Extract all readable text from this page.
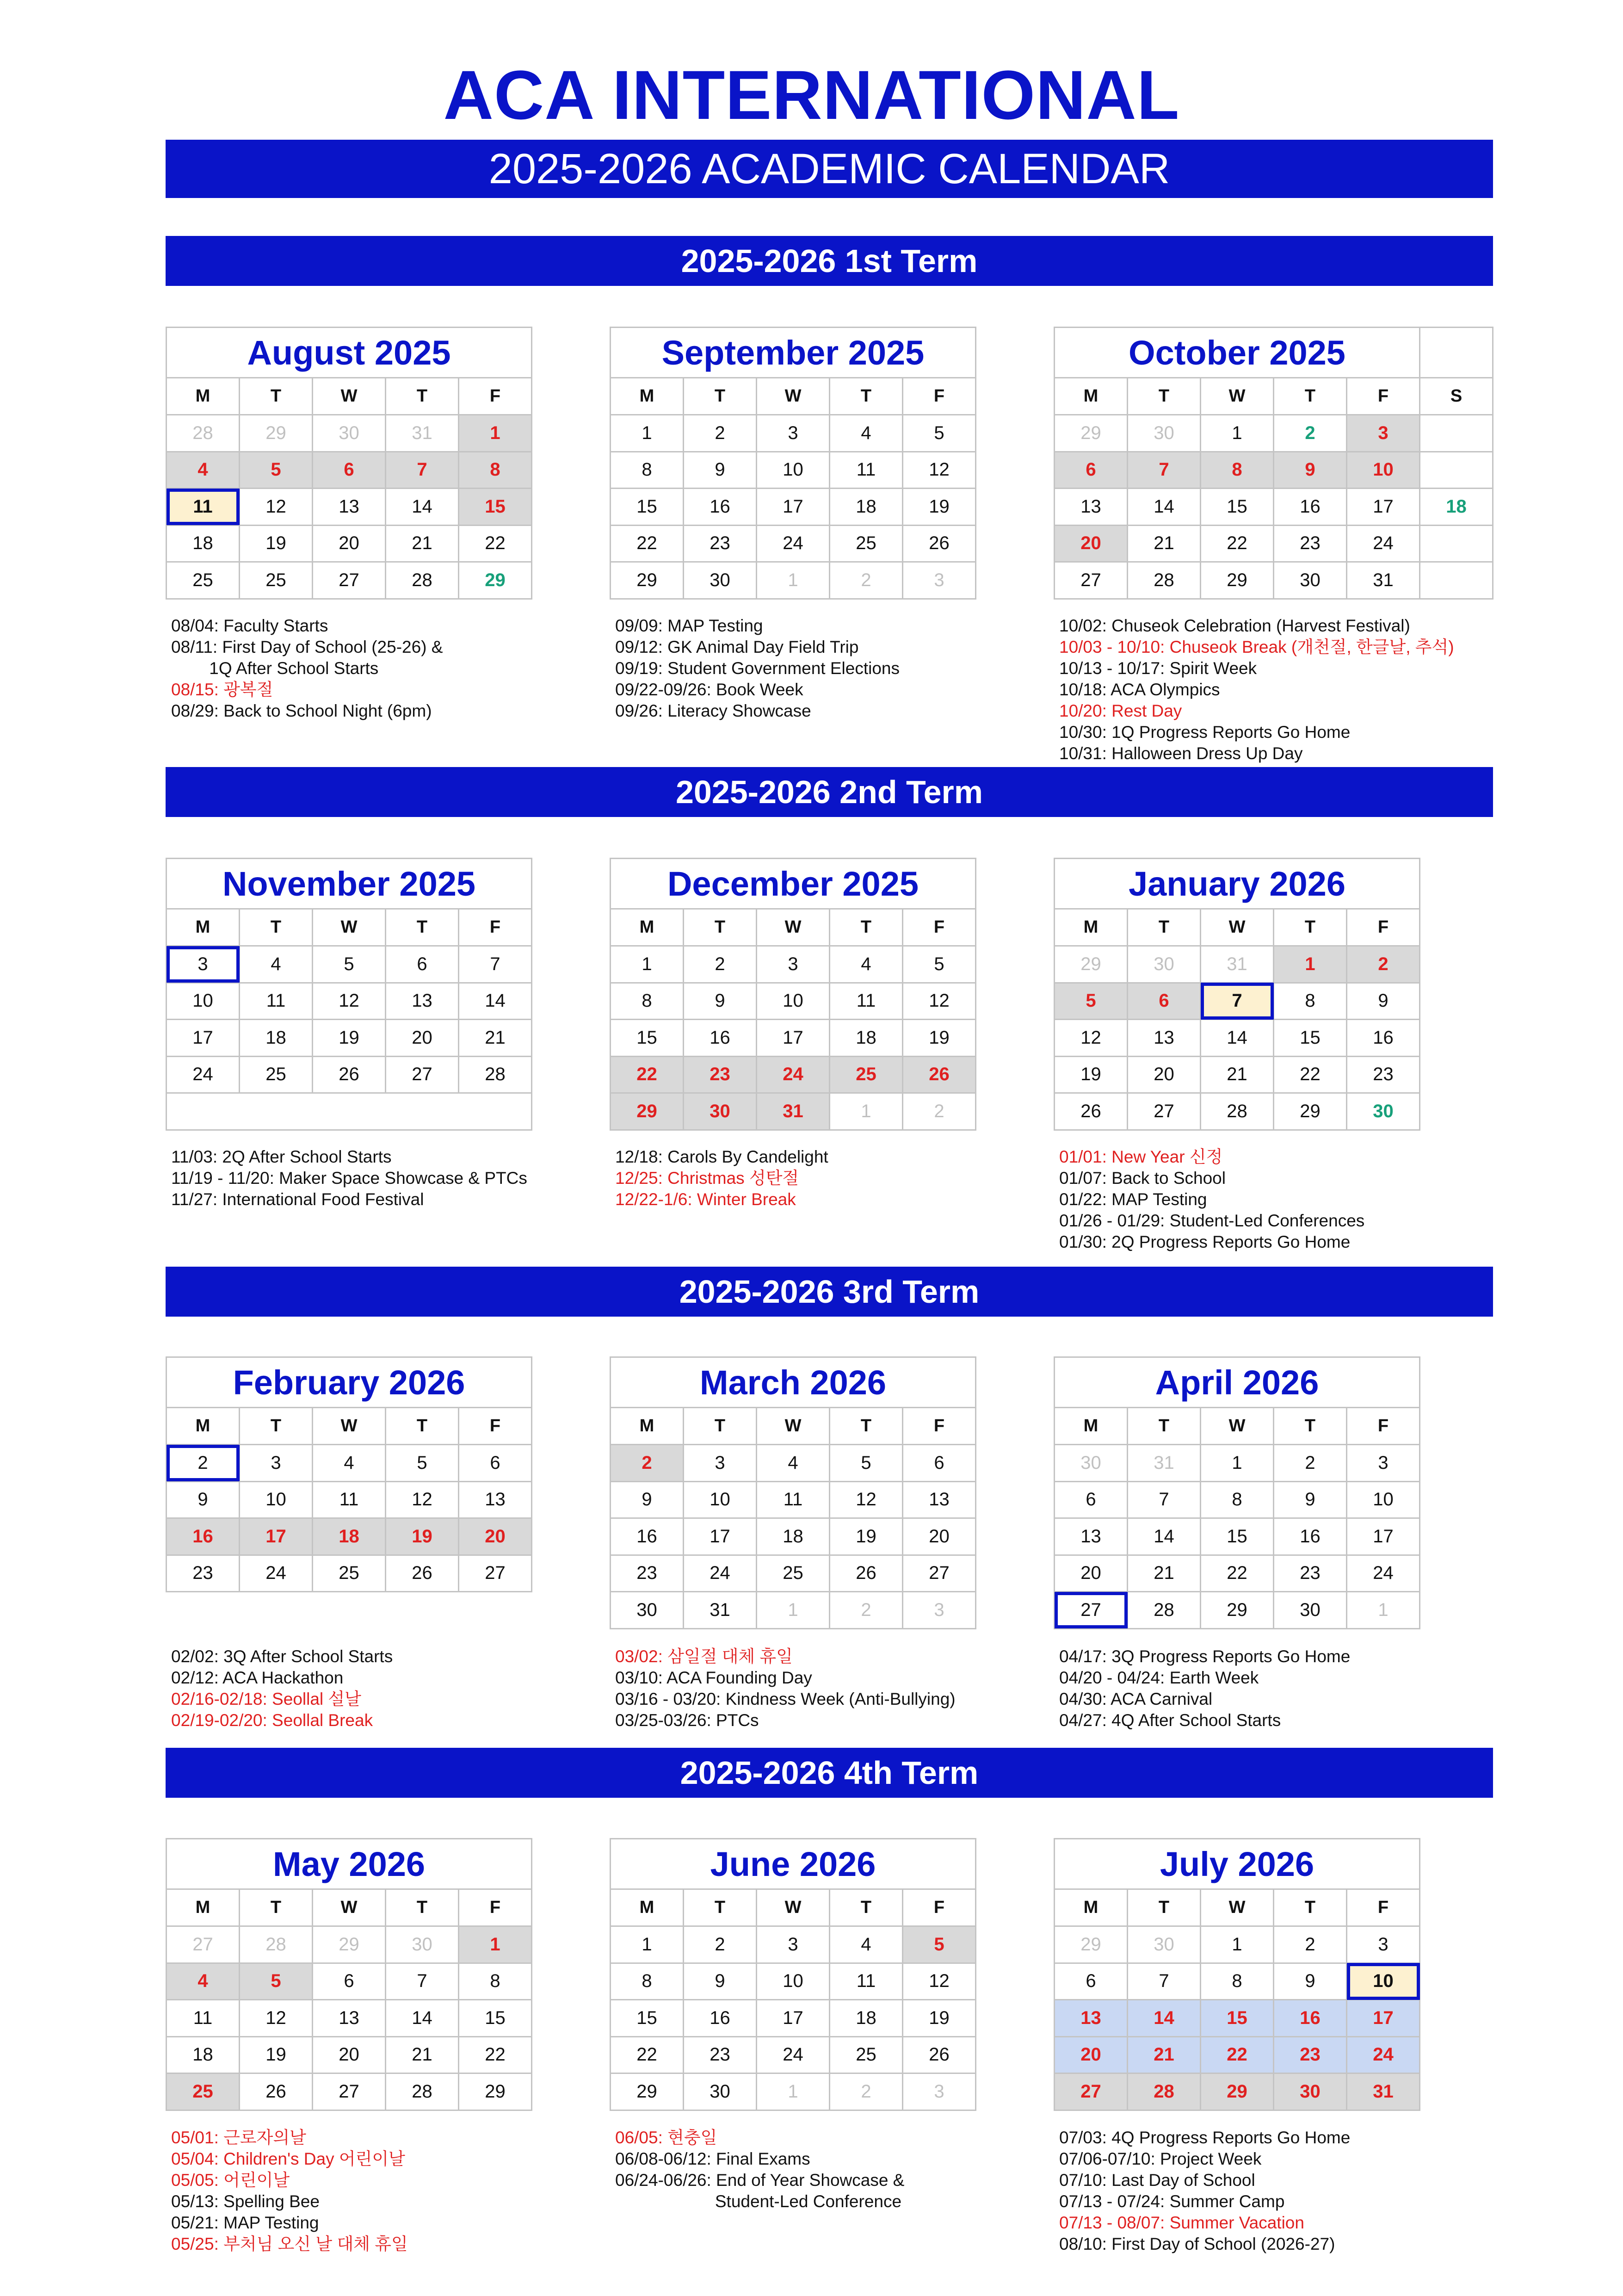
ACA INTERNATIONAL
2025-2026 ACADEMIC CALENDAR
2025-2026 1st Term
2025-2026 2nd Term
2025-2026 3rd Term
2025-2026 4th Term
August 2025				
M	T	W	T	F
28	29	30	31	1
4	5	6	7	8
11	12	13	14	15
18	19	20	21	22
25	25	27	28	29
08/04: Faculty Starts
08/11: First Day of School (25-26) &
1Q After School Starts
08/15: 광복절
08/29: Back to School Night (6pm)
September 2025				
M	T	W	T	F
1	2	3	4	5
8	9	10	11	12
15	16	17	18	19
22	23	24	25	26
29	30	1	2	3
09/09: MAP Testing
09/12: GK Animal Day Field Trip
09/19: Student Government Elections
09/22-09/26: Book Week
09/26: Literacy Showcase
October 2025					
M	T	W	T	F	S
29	30	1	2	3	
6	7	8	9	10	
13	14	15	16	17	18
20	21	22	23	24	
27	28	29	30	31	
10/02: Chuseok Celebration (Harvest Festival)
10/03 - 10/10: Chuseok Break (개천절, 한글날, 추석)
10/13 - 10/17: Spirit Week
10/18: ACA Olympics
10/20: Rest Day
10/30: 1Q Progress Reports Go Home
10/31: Halloween Dress Up Day
November 2025				
M	T	W	T	F
3	4	5	6	7
10	11	12	13	14
17	18	19	20	21
24	25	26	27	28

11/03: 2Q After School Starts
11/19 - 11/20: Maker Space Showcase & PTCs
11/27: International Food Festival
December 2025				
M	T	W	T	F
1	2	3	4	5
8	9	10	11	12
15	16	17	18	19
22	23	24	25	26
29	30	31	1	2
12/18: Carols By Candelight
12/25: Christmas 성탄절
12/22-1/6: Winter Break
January 2026				
M	T	W	T	F
29	30	31	1	2
5	6	7	8	9
12	13	14	15	16
19	20	21	22	23
26	27	28	29	30
01/01: New Year 신정
01/07: Back to School
01/22: MAP Testing
01/26 - 01/29: Student-Led Conferences
01/30: 2Q Progress Reports Go Home
February 2026				
M	T	W	T	F
2	3	4	5	6
9	10	11	12	13
16	17	18	19	20
23	24	25	26	27
02/02: 3Q After School Starts
02/12: ACA Hackathon
02/16-02/18: Seollal 설날
02/19-02/20: Seollal Break
March 2026				
M	T	W	T	F
2	3	4	5	6
9	10	11	12	13
16	17	18	19	20
23	24	25	26	27
30	31	1	2	3
03/02: 삼일절 대체 휴일
03/10: ACA Founding Day
03/16 - 03/20: Kindness Week (Anti-Bullying)
03/25-03/26: PTCs
April 2026				
M	T	W	T	F
30	31	1	2	3
6	7	8	9	10
13	14	15	16	17
20	21	22	23	24
27	28	29	30	1
04/17: 3Q Progress Reports Go Home
04/20 - 04/24: Earth Week
04/30: ACA Carnival
04/27: 4Q After School Starts
May 2026				
M	T	W	T	F
27	28	29	30	1
4	5	6	7	8
11	12	13	14	15
18	19	20	21	22
25	26	27	28	29
05/01: 근로자의날
05/04: Children's Day 어린이날
05/05: 어린이날
05/13: Spelling Bee
05/21: MAP Testing
05/25: 부처님 오신 날 대체 휴일
June 2026				
M	T	W	T	F
1	2	3	4	5
8	9	10	11	12
15	16	17	18	19
22	23	24	25	26
29	30	1	2	3
06/05: 현충일
06/08-06/12: Final Exams
06/24-06/26: End of Year Showcase &
Student-Led Conference
July 2026				
M	T	W	T	F
29	30	1	2	3
6	7	8	9	10
13	14	15	16	17
20	21	22	23	24
27	28	29	30	31
07/03: 4Q Progress Reports Go Home
07/06-07/10: Project Week
07/10: Last Day of School
07/13 - 07/24: Summer Camp
07/13 - 08/07: Summer Vacation
08/10: First Day of School (2026-27)
